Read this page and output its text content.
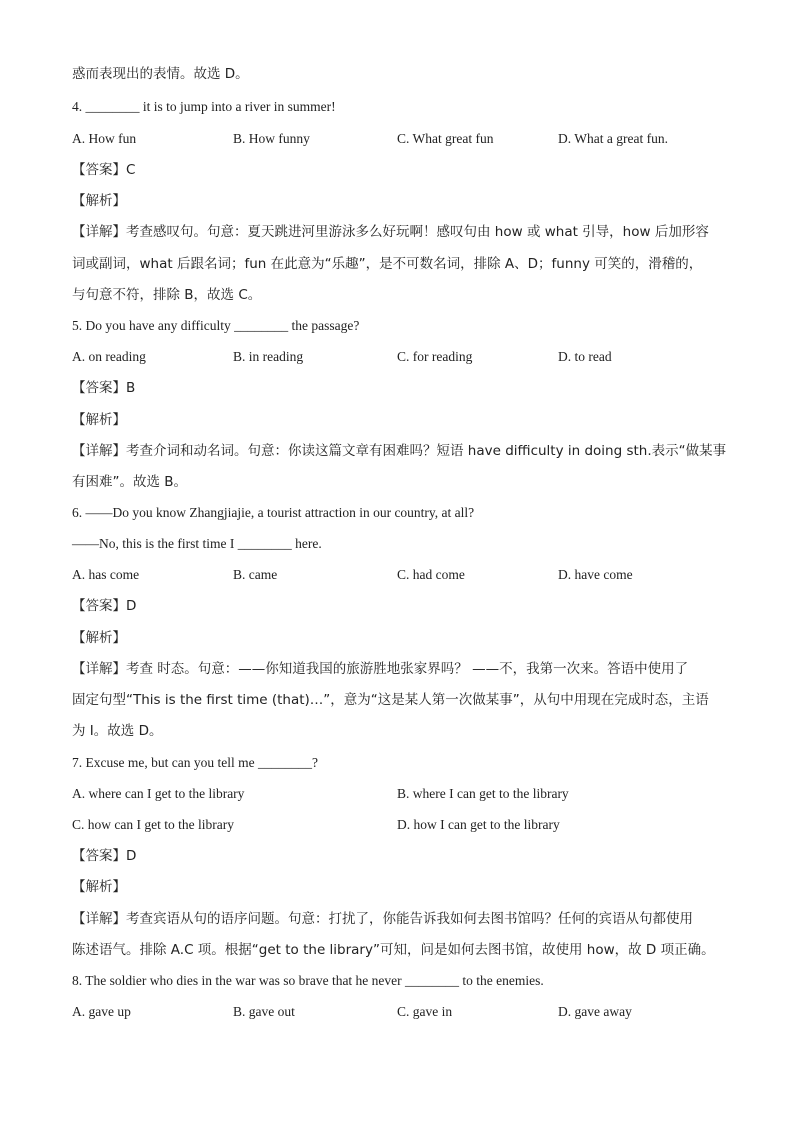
惑而表现出的表情。故选 D。
4. ________ it is to jump into a river in summer!
A. How fun	B. How funny	C. What great fun	D. What a great fun.
【答案】C
【解析】
【详解】考查感叹句。句意：夏天跳进河里游泳多么好玩啊！感叹句由 how 或 what 引导，how 后加形容
词或副词，what 后跟名词；fun 在此意为“乐趣”，是不可数名词，排除 A、D；funny 可笑的，滑稽的，
与句意不符，排除 B，故选 C。
5. Do you have any difficulty ________ the passage?
A. on reading	B. in reading	C. for reading	D. to read
【答案】B
【解析】
【详解】考查介词和动名词。句意：你读这篇文章有困难吗？短语 have difficulty in doing sth.表示“做某事
有困难”。故选 B。
6. ——Do you know Zhangjiajie, a tourist attraction in our country, at all?
——No, this is the first time I ________ here.
A. has come	B. came	C. had come	D. have come
【答案】D
【解析】
【详解】考查 时态。句意：——你知道我国的旅游胜地张家界吗？ ——不，我第一次来。答语中使用了
固定句型“This is the first time (that)…”，意为“这是某人第一次做某事”，从句中用现在完成时态，主语
为 I。故选 D。
7. Excuse me, but can you tell me ________?
A. where can I get to the library	B. where I can get to the library
C. how can I get to the library	D. how I can get to the library
【答案】D
【解析】
【详解】考查宾语从句的语序问题。句意：打扰了，你能告诉我如何去图书馆吗？任何的宾语从句都使用
陈述语气。排除 A.C 项。根据“get to the library”可知，问是如何去图书馆，故使用 how，故 D 项正确。
8. The soldier who dies in the war was so brave that he never ________ to the enemies.
A. gave up	B. gave out	C. gave in	D. gave away
